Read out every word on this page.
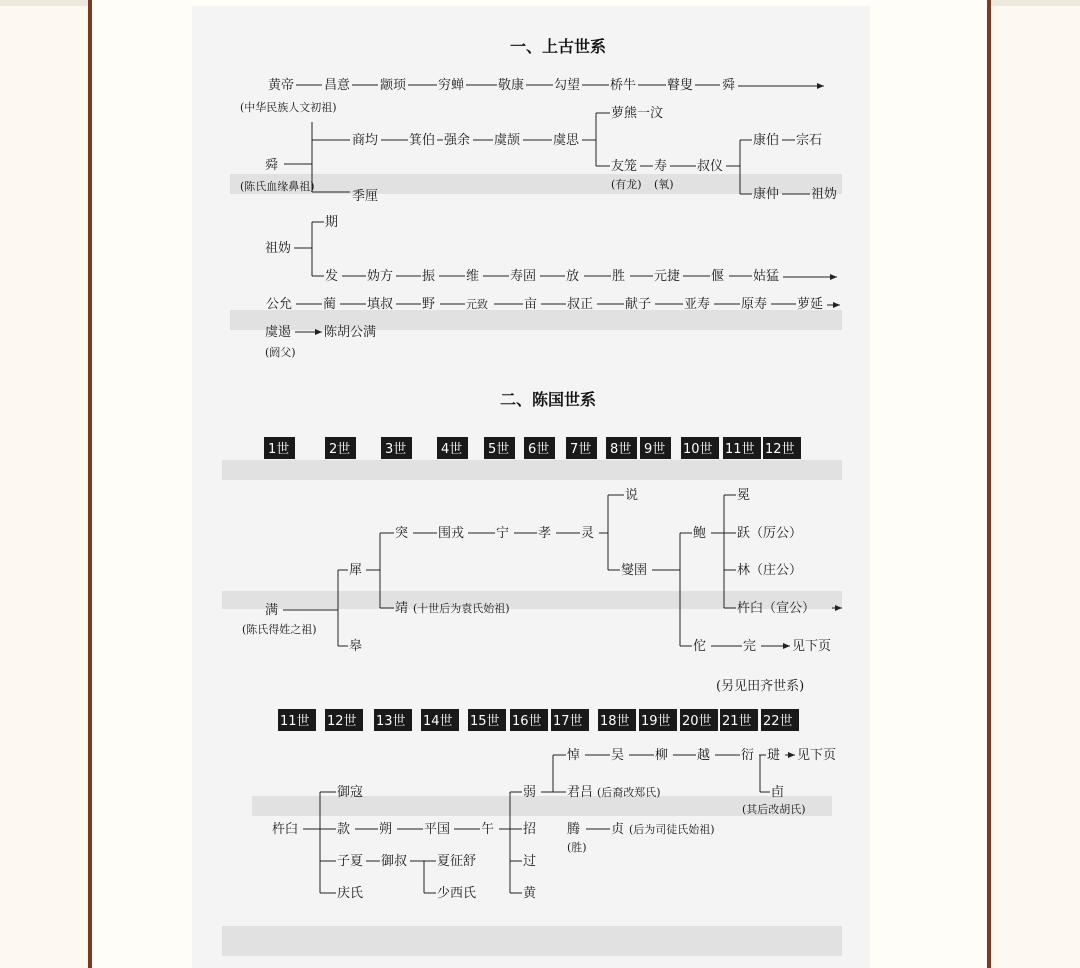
一、上古世系
黄帝 昌意 颛顼 穷蝉	敬康 勾望 桥牛 瞽叟 舜
(中华民族人文初祖)
舜
(陈氏血缘鼻祖)
商均
季厘
箕伯 强余 虞颉	虞思
萝熊一汶
友笼 寿 叔仪
(有龙) (氧)
康伯 宗石
康仲 祖妫
祖妫
期
发 妫方 振 维 寿固 放	胜 元捷 偃 姑猛
公允 蔺 填叔 野	元致	亩 叔正 献子	亚寿 原寿 萝延
虞遏	陈胡公满
(阏父)
二、陈国世系
1世	2世	3世	4世 5世 6世 7世 8世 9世 10世 11世 12世
满
(陈氏得姓之祖)
犀
皋
突
靖 (十世后为袁氏始祖)
围戎 宁 孝 灵
说
燮圉
鲍
佗
冕
跃（厉公）
林（庄公）
杵臼（宣公）
完	见下页
(另见田齐世系)
11世 12世 13世 14世 15世 16世 17世 18世 19世 20世 21世 22世
杵臼
御寇
款 朔 平国 午
弱
招
过
黄
悼 吴 柳 越 衍 琎 见下页
卣
(其后改胡氏)
君吕 (后裔改郑氏)
腾
(胜)
贞 (后为司徒氏始祖)
子夏 御叔 夏征舒
庆氏	少西氏
